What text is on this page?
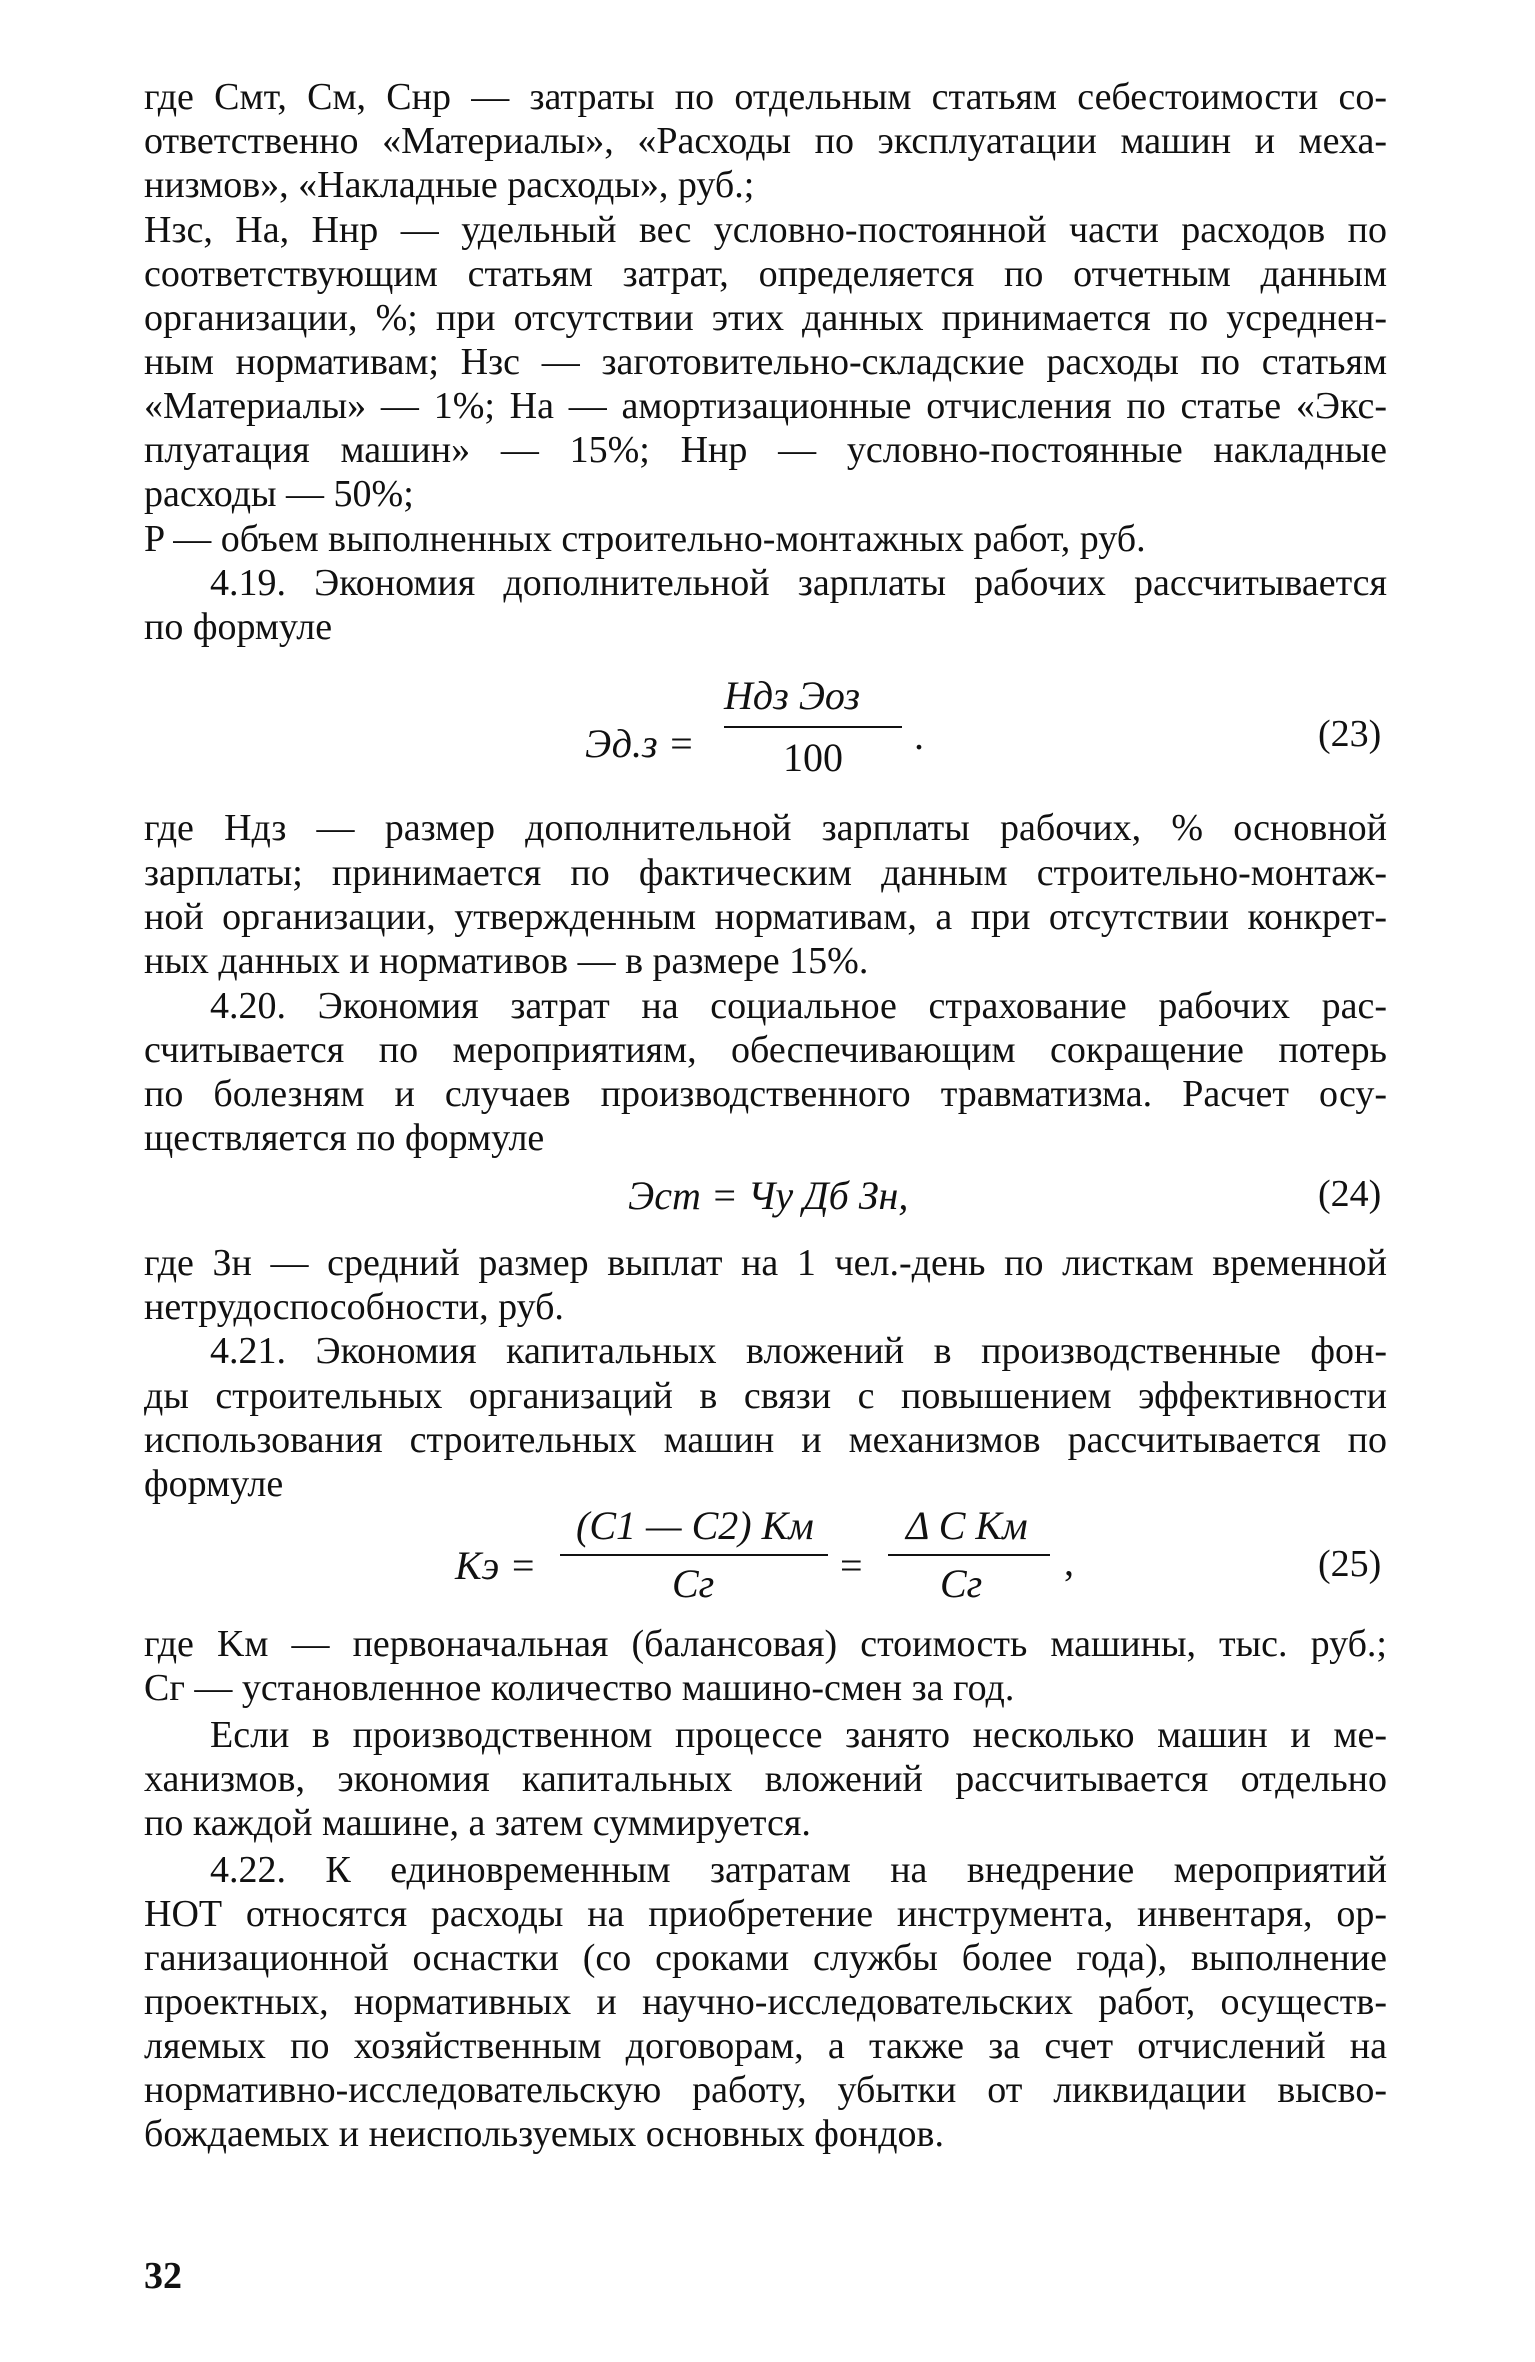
где Cмт, Cм, Cнр — затраты по отдельным статьям себестоимости со-
ответственно «Материалы», «Расходы по эксплуатации машин и меха-
низмов», «Накладные расходы», руб.;
Hзс, Hа, Hнр — удельный вес условно-постоянной части расходов по
соответствующим статьям затрат, определяется по отчетным данным
организации, %; при отсутствии этих данных принимается по усреднен-
ным нормативам; Hзс — заготовительно-складские расходы по статьям
«Материалы» — 1%; Hа — амортизационные отчисления по статье «Экс-
плуатация машин» — 15%; Hнр — условно-постоянные накладные
расходы — 50%;
P — объем выполненных строительно-монтажных работ, руб.
4.19. Экономия дополнительной зарплаты рабочих рассчитывается
по формуле
Эд.з =
Hдз Эоз
100 .	(23)
где Hдз — размер дополнительной зарплаты рабочих, % основной
зарплаты; принимается по фактическим данным строительно-монтаж-
ной организации, утвержденным нормативам, а при отсутствии конкрет-
ных данных и нормативов — в размере 15%.
4.20. Экономия затрат на социальное страхование рабочих рас-
считывается по мероприятиям, обеспечивающим сокращение потерь
по болезням и случаев производственного травматизма. Расчет осу-
ществляется по формуле
Эст = Чу Дб Зн,	(24)
где Зн — средний размер выплат на 1 чел.-день по листкам временной
нетрудоспособности, руб.
4.21. Экономия капитальных вложений в производственные фон-
ды строительных организаций в связи с повышением эффективности
использования строительных машин и механизмов рассчитывается по
формуле
Kэ =
(C1 — C2) Kм
Cг	=
Δ C Kм
Cг ,	(25)
где Kм — первоначальная (балансовая) стоимость машины, тыс. руб.;
Cг — установленное количество машино-смен за год.
Если в производственном процессе занято несколько машин и ме-
ханизмов, экономия капитальных вложений рассчитывается отдельно
по каждой машине, а затем суммируется.
4.22. К единовременным затратам на внедрение мероприятий
НОТ относятся расходы на приобретение инструмента, инвентаря, ор-
ганизационной оснастки (со сроками службы более года), выполнение
проектных, нормативных и научно-исследовательских работ, осуществ-
ляемых по хозяйственным договорам, а также за счет отчислений на
нормативно-исследовательскую работу, убытки от ликвидации высво-
бождаемых и неиспользуемых основных фондов.
32
